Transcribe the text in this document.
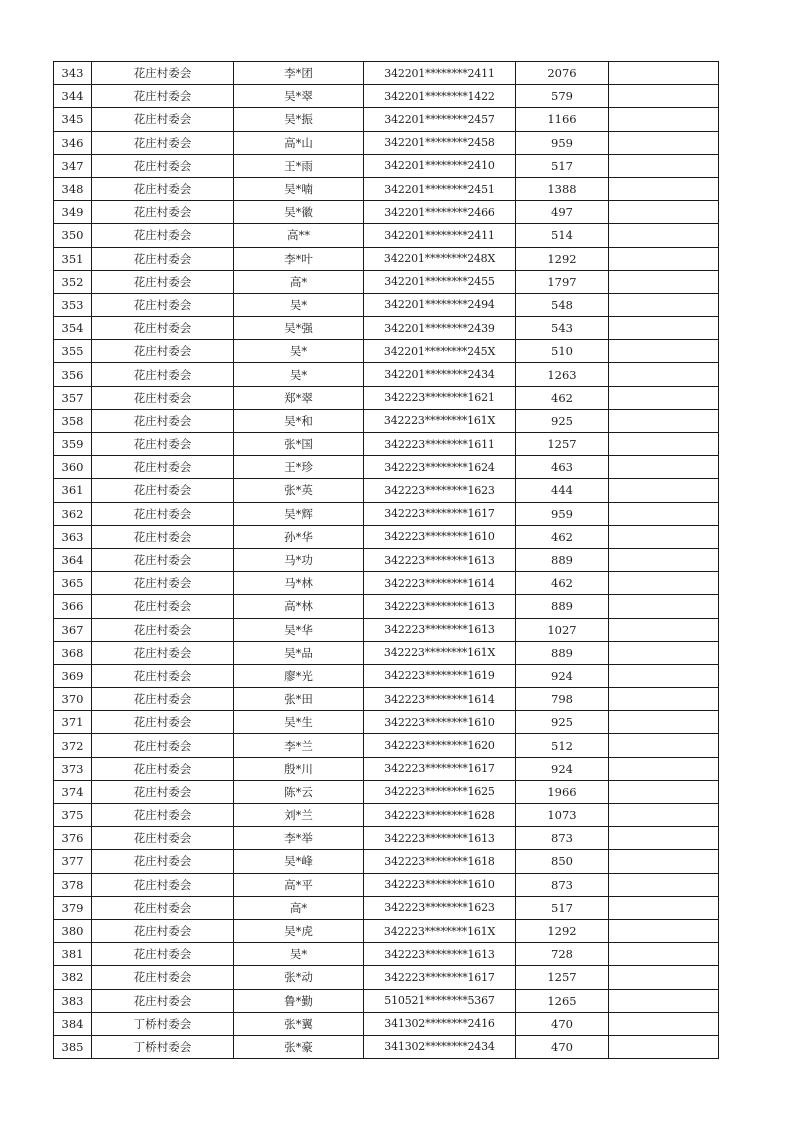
343	花庄村委会	李*团	342201********2411	2076	
344	花庄村委会	吴*翠	342201********1422	579	
345	花庄村委会	吴*振	342201********2457	1166	
346	花庄村委会	高*山	342201********2458	959	
347	花庄村委会	王*雨	342201********2410	517	
348	花庄村委会	吴*喃	342201********2451	1388	
349	花庄村委会	吴*徽	342201********2466	497	
350	花庄村委会	高**	342201********2411	514	
351	花庄村委会	李*叶	342201********248X	1292	
352	花庄村委会	高*	342201********2455	1797	
353	花庄村委会	吴*	342201********2494	548	
354	花庄村委会	吴*强	342201********2439	543	
355	花庄村委会	吴*	342201********245X	510	
356	花庄村委会	吴*	342201********2434	1263	
357	花庄村委会	郑*翠	342223********1621	462	
358	花庄村委会	吴*和	342223********161X	925	
359	花庄村委会	张*国	342223********1611	1257	
360	花庄村委会	王*珍	342223********1624	463	
361	花庄村委会	张*英	342223********1623	444	
362	花庄村委会	吴*辉	342223********1617	959	
363	花庄村委会	孙*华	342223********1610	462	
364	花庄村委会	马*功	342223********1613	889	
365	花庄村委会	马*林	342223********1614	462	
366	花庄村委会	高*林	342223********1613	889	
367	花庄村委会	吴*华	342223********1613	1027	
368	花庄村委会	吴*品	342223********161X	889	
369	花庄村委会	廖*光	342223********1619	924	
370	花庄村委会	张*田	342223********1614	798	
371	花庄村委会	吴*生	342223********1610	925	
372	花庄村委会	李*兰	342223********1620	512	
373	花庄村委会	殷*川	342223********1617	924	
374	花庄村委会	陈*云	342223********1625	1966	
375	花庄村委会	刘*兰	342223********1628	1073	
376	花庄村委会	李*举	342223********1613	873	
377	花庄村委会	吴*峰	342223********1618	850	
378	花庄村委会	高*平	342223********1610	873	
379	花庄村委会	高*	342223********1623	517	
380	花庄村委会	吴*虎	342223********161X	1292	
381	花庄村委会	吴*	342223********1613	728	
382	花庄村委会	张*动	342223********1617	1257	
383	花庄村委会	鲁*勤	510521********5367	1265	
384	丁桥村委会	张*翼	341302********2416	470	
385	丁桥村委会	张*豪	341302********2434	470	
